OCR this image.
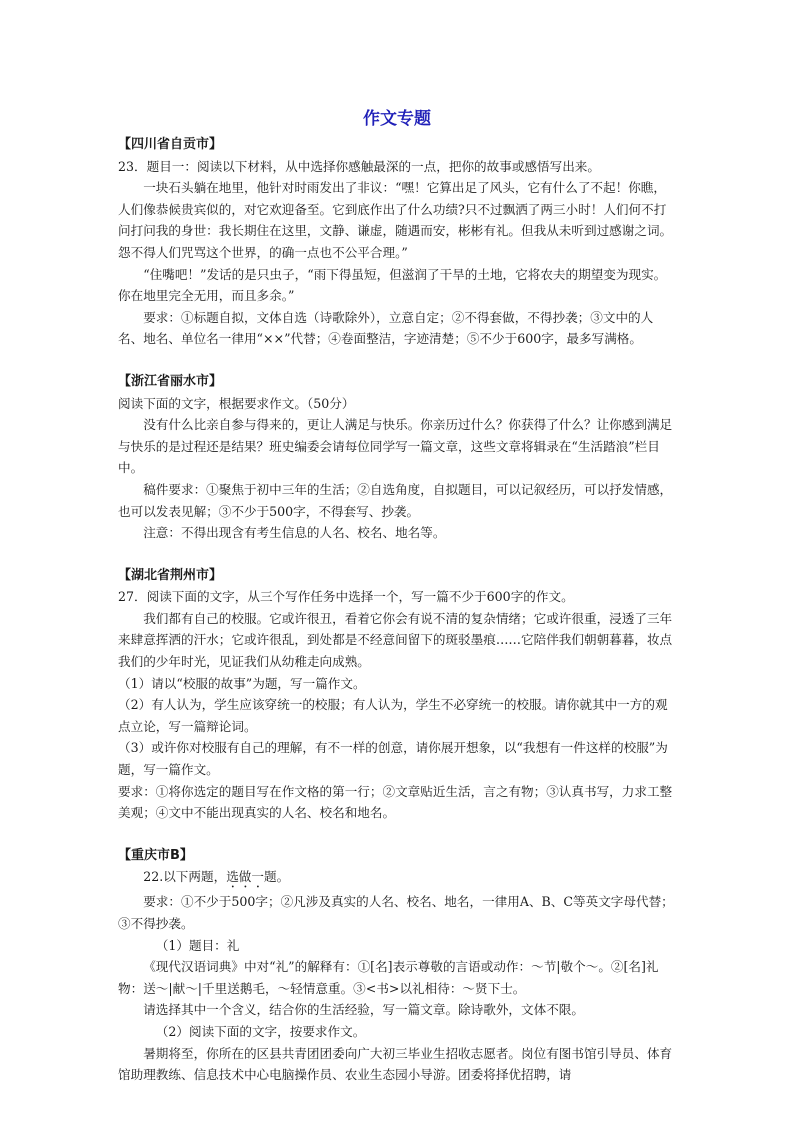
作文专题

【四川省自贡市】

23．题目一：阅读以下材料，从中选择你感触最深的一点，把你的故事或感悟写出来。

一块石头躺在地里，他针对时雨发出了非议：“嘿！它算出足了风头，它有什么了不起！你瞧，人们像恭候贵宾似的，对它欢迎备至。它到底作出了什么功绩?只不过飘洒了两三小时！人们何不打问打问我的身世：我长期住在这里，文静、谦虚，随遇而安，彬彬有礼。但我从未听到过感谢之词。怨不得人们咒骂这个世界，的确一点也不公平合理。”

“住嘴吧！”发话的是只虫子，“雨下得虽短，但滋润了干旱的土地，它将农夫的期望变为现实。你在地里完全无用，而且多余。”

要求：①标题自拟，文体自选（诗歌除外），立意自定；②不得套做，不得抄袭；③文中的人名、地名、单位名一律用“××”代替；④卷面整洁，字迹清楚；⑤不少于600字，最多写满格。

【浙江省丽水市】

阅读下面的文字，根据要求作文。（50分）

没有什么比亲自参与得来的，更让人满足与快乐。你亲历过什么？你获得了什么？让你感到满足与快乐的是过程还是结果？班史编委会请每位同学写一篇文章，这些文章将辑录在“生活踏浪”栏目中。

稿件要求：①聚焦于初中三年的生活；②自选角度，自拟题目，可以记叙经历，可以抒发情感，也可以发表见解；③不少于500字，不得套写、抄袭。

注意：不得出现含有考生信息的人名、校名、地名等。

【湖北省荆州市】

27．阅读下面的文字，从三个写作任务中选择一个，写一篇不少于600字的作文。

我们都有自己的校服。它或许很丑，看着它你会有说不清的复杂情绪；它或许很重，浸透了三年来肆意挥洒的汗水；它或许很乱，到处都是不经意间留下的斑驳墨痕……它陪伴我们朝朝暮暮，妆点我们的少年时光，见证我们从幼稚走向成熟。

（1）请以“校服的故事”为题，写一篇作文。

（2）有人认为，学生应该穿统一的校服；有人认为，学生不必穿统一的校服。请你就其中一方的观点立论，写一篇辩论词。

（3）或许你对校服有自己的理解，有不一样的创意，请你展开想象，以“我想有一件这样的校服”为题，写一篇作文。

要求：①将你选定的题目写在作文格的第一行；②文章贴近生活，言之有物；③认真书写，力求工整美观；④文中不能出现真实的人名、校名和地名。

【重庆市B】

22.以下两题，选做一题。

要求：①不少于500字；②凡涉及真实的人名、校名、地名，一律用A、B、C等英文字母代替；③不得抄袭。

（1）题目：礼

《现代汉语词典》中对“礼”的解释有：①[名]表示尊敬的言语或动作：～节|敬个～。②[名]礼物：送～|献～|千里送鹅毛，～轻情意重。③<书>以礼相待：～贤下士。

请选择其中一个含义，结合你的生活经验，写一篇文章。除诗歌外，文体不限。

（2）阅读下面的文字，按要求作文。

暑期将至，你所在的区县共青团团委向广大初三毕业生招收志愿者。岗位有图书馆引导员、体育馆助理教练、信息技术中心电脑操作员、农业生态园小导游。团委将择优招聘，请
